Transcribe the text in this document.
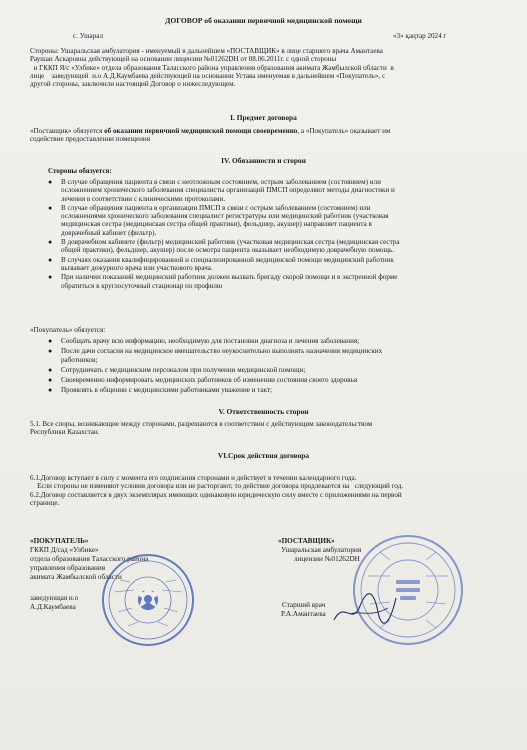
ДОГОВОР об оказании первичной медицинской помощи
с. Ушарал	«3» қаңтар 2024 г

Стороны: Ушаральская амбулатория - именуемый в дальнейшем «ПОСТАВЩИК» в лице старшего врача Амантаева

Раушан Аскаровна действующей на основании лицензии №01262DH от 08.06.2011г. с одной стороны

и ГККП Я/с «Улбике» отдела образования Таласского района управления образования акимата Жамбылской области  в

лице    заведующей  и.о А.Д.Каумбаева действующей на основании Устава именуемая в дальнейшем «Покупатель», с

другой стороны, заключили настоящий Договор о нижеследующем.

I. Предмет договора

«Поставщик» обязуется об оказании первичной медицинской помощи своевременно, а «Покупатель» оказывает им

содействие предоставлении помещения

IV. Обязанности и сторон
Стороны обязуется:
● В случае обращения пациента в связи с неотложным состоянием, острым заболеванием (состоянием) или
осложнением хронического заболевания специалисты организаций ПМСП определяют методы диагностики и
лечения в соответствии с клиническими протоколами.
● В случае обращения пациента в организации ПМСП в связи с острым заболеванием (состоянием) или
осложнениями хронического заболевания специалист регистратуры или медицинский работник (участковая
медицинская сестра (медицинская сестра общей практики), фельдшер, акушер) направляет пациента в
доврачебный кабинет (фильтр).
● В доврачебном кабинете (фильтр) медицинский работник (участковая медицинская сестра (медицинская сестра
общей практики), фельдшер, акушер) после осмотра пациента оказывает необходимую доврачебную помощь.
● В случаях оказания квалифицированной и специализированной медицинской помощи медицинский работник
вызывает дежурного врача или участкового врача.
● При наличии показаний медицинский работник должен вызвать бригаду скорой помощи и в экстренной форме
обратиться в круглосуточный стационар по профилю
«Покупатель» обязуется:
● Сообщать врачу всю информацию, необходимую для постановки диагноза и лечения заболевания;
● После дачи согласия на медицинское вмешательство неукоснительно выполнять назначения медицинских
работников;
● Сотрудничать с медицинским персоналом при получении медицинской помощи;
● Своевременно информировать медицинских работников об изменении состояния своего здоровья
● Проявлять в общении с медицинскими работниками уважение и такт;
V. Ответственность сторон

5.1. Все споры, возникающие между сторонами, разрешаются в соответствии с действующим законодательством

Республики Казахстан.

VI.Срок действия договора

6.1.Договор вступает в силу с момента его подписания сторонами и действует в течении календарного года.

Если стороны не изменяют условия договора или не расторгают, то действие договора продлевается на   следующий год.

6.2.Договор составляется в двух экземплярах имеющих одинаковую юридическую силу вместе с приложениями на первой

странице.

«ПОКУПАТЕЛЬ»
ГККП Д/сад «Улбике»
отдела образования Таласского района
управления образования
акимата Жамбылской области
заведующая и.о
А.Д.Каумбаева
«ПОСТАВЩИК»
Ушаральская амбулатория
лицензии №01262DH
Старший врач
Р.А.Амантаева
